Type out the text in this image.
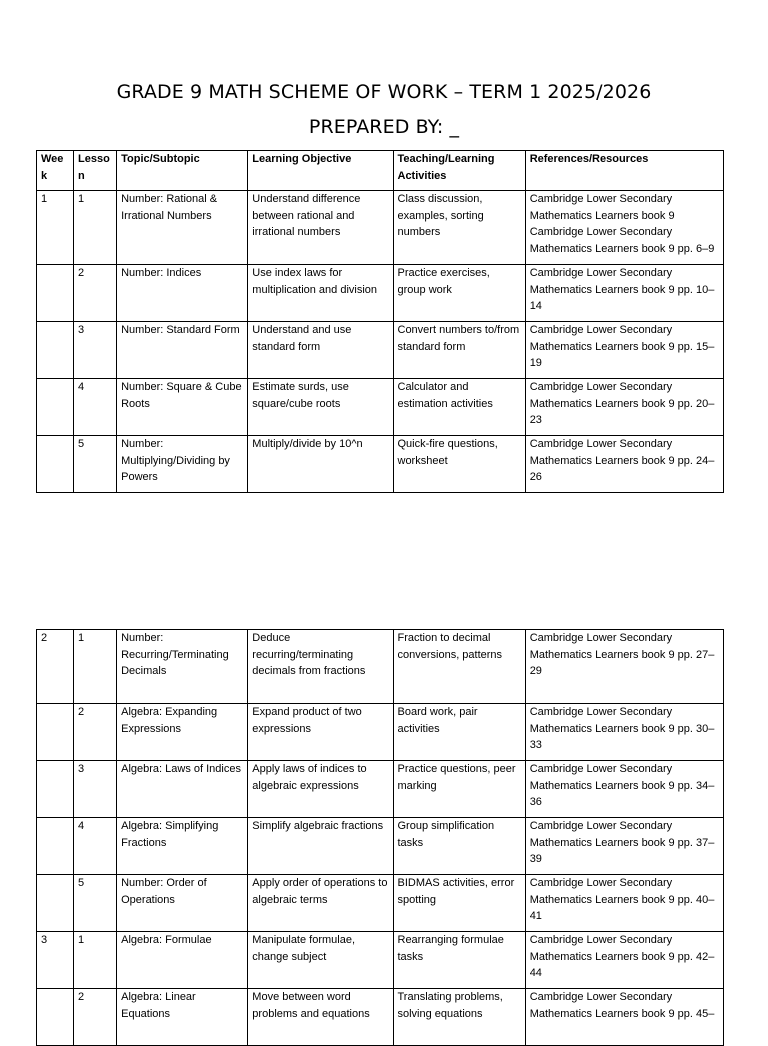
GRADE 9 MATH SCHEME OF WORK – TERM 1 2025/2026
PREPARED BY: _
Week	Lesso n	Topic/Subtopic	Learning Objective	Teaching/Learning Activities	References/Resources
1	1	Number: Rational & Irrational Numbers	Understand difference between rational and irrational numbers	Class discussion, examples, sorting numbers	Cambridge Lower Secondary Mathematics Learners book 9 Cambridge Lower Secondary Mathematics Learners book 9 pp. 6–9
	2	Number: Indices	Use index laws for multiplication and division	Practice exercises, group work	Cambridge Lower Secondary Mathematics Learners book 9 pp. 10–14
	3	Number: Standard Form	Understand and use standard form	Convert numbers to/from standard form	Cambridge Lower Secondary Mathematics Learners book 9 pp. 15–19
	4	Number: Square & Cube Roots	Estimate surds, use square/cube roots	Calculator and estimation activities	Cambridge Lower Secondary Mathematics Learners book 9 pp. 20–23
	5	Number: Multiplying/Dividing by Powers	Multiply/divide by 10^n	Quick-fire questions, worksheet	Cambridge Lower Secondary Mathematics Learners book 9 pp. 24–26
2	1	Number: Recurring/Terminating Decimals	Deduce recurring/terminating decimals from fractions	Fraction to decimal conversions, patterns	Cambridge Lower Secondary Mathematics Learners book 9 pp. 27–29
	2	Algebra: Expanding Expressions	Expand product of two expressions	Board work, pair activities	Cambridge Lower Secondary Mathematics Learners book 9 pp. 30–33
	3	Algebra: Laws of Indices	Apply laws of indices to algebraic expressions	Practice questions, peer marking	Cambridge Lower Secondary Mathematics Learners book 9 pp. 34–36
	4	Algebra: Simplifying Fractions	Simplify algebraic fractions	Group simplification tasks	Cambridge Lower Secondary Mathematics Learners book 9 pp. 37–39
	5	Number: Order of Operations	Apply order of operations to algebraic terms	BIDMAS activities, error spotting	Cambridge Lower Secondary Mathematics Learners book 9 pp. 40–41
3	1	Algebra: Formulae	Manipulate formulae, change subject	Rearranging formulae tasks	Cambridge Lower Secondary Mathematics Learners book 9 pp. 42–44
	2	Algebra: Linear Equations	Move between word problems and equations	Translating problems, solving equations	Cambridge Lower Secondary Mathematics Learners book 9 pp. 45–
